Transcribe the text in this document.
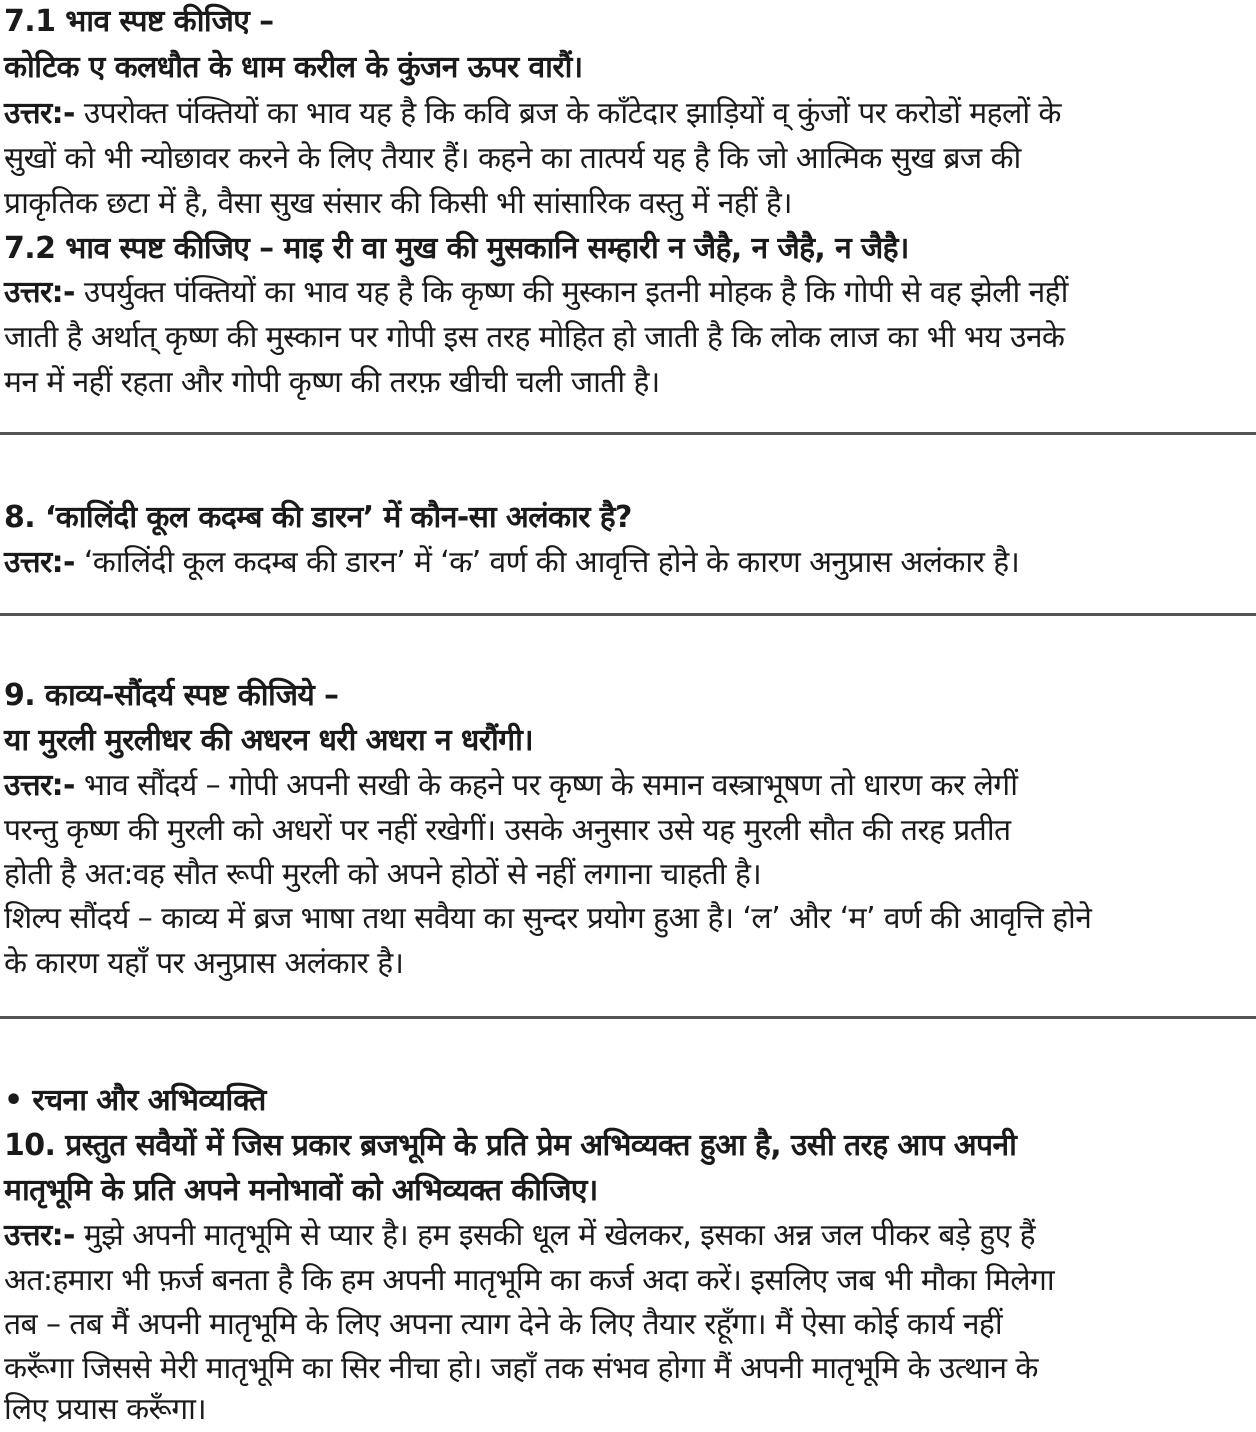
7.1 भाव स्पष्ट कीजिए –
कोटिक ए कलधौत के धाम करील के कुंजन ऊपर वारौं।
उत्तर:- उपरोक्त पंक्तियों का भाव यह है कि कवि ब्रज के काँटेदार झाड़ियों व् कुंजों पर करोडों महलों के
सुखों को भी न्योछावर करने के लिए तैयार हैं। कहने का तात्पर्य यह है कि जो आत्मिक सुख ब्रज की
प्राकृतिक छटा में है, वैसा सुख संसार की किसी भी सांसारिक वस्तु में नहीं है।
7.2 भाव स्पष्ट कीजिए – माइ री वा मुख की मुसकानि सम्हारी न जैहै, न जैहै, न जैहै।
उत्तर:- उपर्युक्त पंक्तियों का भाव यह है कि कृष्ण की मुस्कान इतनी मोहक है कि गोपी से वह झेली नहीं
जाती है अर्थात् कृष्ण की मुस्कान पर गोपी इस तरह मोहित हो जाती है कि लोक लाज का भी भय उनके
मन में नहीं रहता और गोपी कृष्ण की तरफ़ खीची चली जाती है।
8. ‘कालिंदी कूल कदम्ब की डारन’ में कौन-सा अलंकार है?
उत्तर:- ‘कालिंदी कूल कदम्ब की डारन’ में ‘क’ वर्ण की आवृत्ति होने के कारण अनुप्रास अलंकार है।
9. काव्य-सौंदर्य स्पष्ट कीजिये –
या मुरली मुरलीधर की अधरन धरी अधरा न धरौंगी।
उत्तर:- भाव सौंदर्य – गोपी अपनी सखी के कहने पर कृष्ण के समान वस्त्राभूषण तो धारण कर लेगीं
परन्तु कृष्ण की मुरली को अधरों पर नहीं रखेगीं। उसके अनुसार उसे यह मुरली सौत की तरह प्रतीत
होती है अत:वह सौत रूपी मुरली को अपने होठों से नहीं लगाना चाहती है।
शिल्प सौंदर्य – काव्य में ब्रज भाषा तथा सवैया का सुन्दर प्रयोग हुआ है। ‘ल’ और ‘म’ वर्ण की आवृत्ति होने
के कारण यहाँ पर अनुप्रास अलंकार है।
• रचना और अभिव्यक्ति
10. प्रस्तुत सवैयों में जिस प्रकार ब्रजभूमि के प्रति प्रेम अभिव्यक्त हुआ है, उसी तरह आप अपनी
मातृभूमि के प्रति अपने मनोभावों को अभिव्यक्त कीजिए।
उत्तर:- मुझे अपनी मातृभूमि से प्यार है। हम इसकी धूल में खेलकर, इसका अन्न जल पीकर बड़े हुए हैं
अत:हमारा भी फ़र्ज बनता है कि हम अपनी मातृभूमि का कर्ज अदा करें। इसलिए जब भी मौका मिलेगा
तब – तब मैं अपनी मातृभूमि के लिए अपना त्याग देने के लिए तैयार रहूँगा। मैं ऐसा कोई कार्य नहीं
करूँगा जिससे मेरी मातृभूमि का सिर नीचा हो। जहाँ तक संभव होगा मैं अपनी मातृभूमि के उत्थान के
लिए प्रयास करूँगा।
